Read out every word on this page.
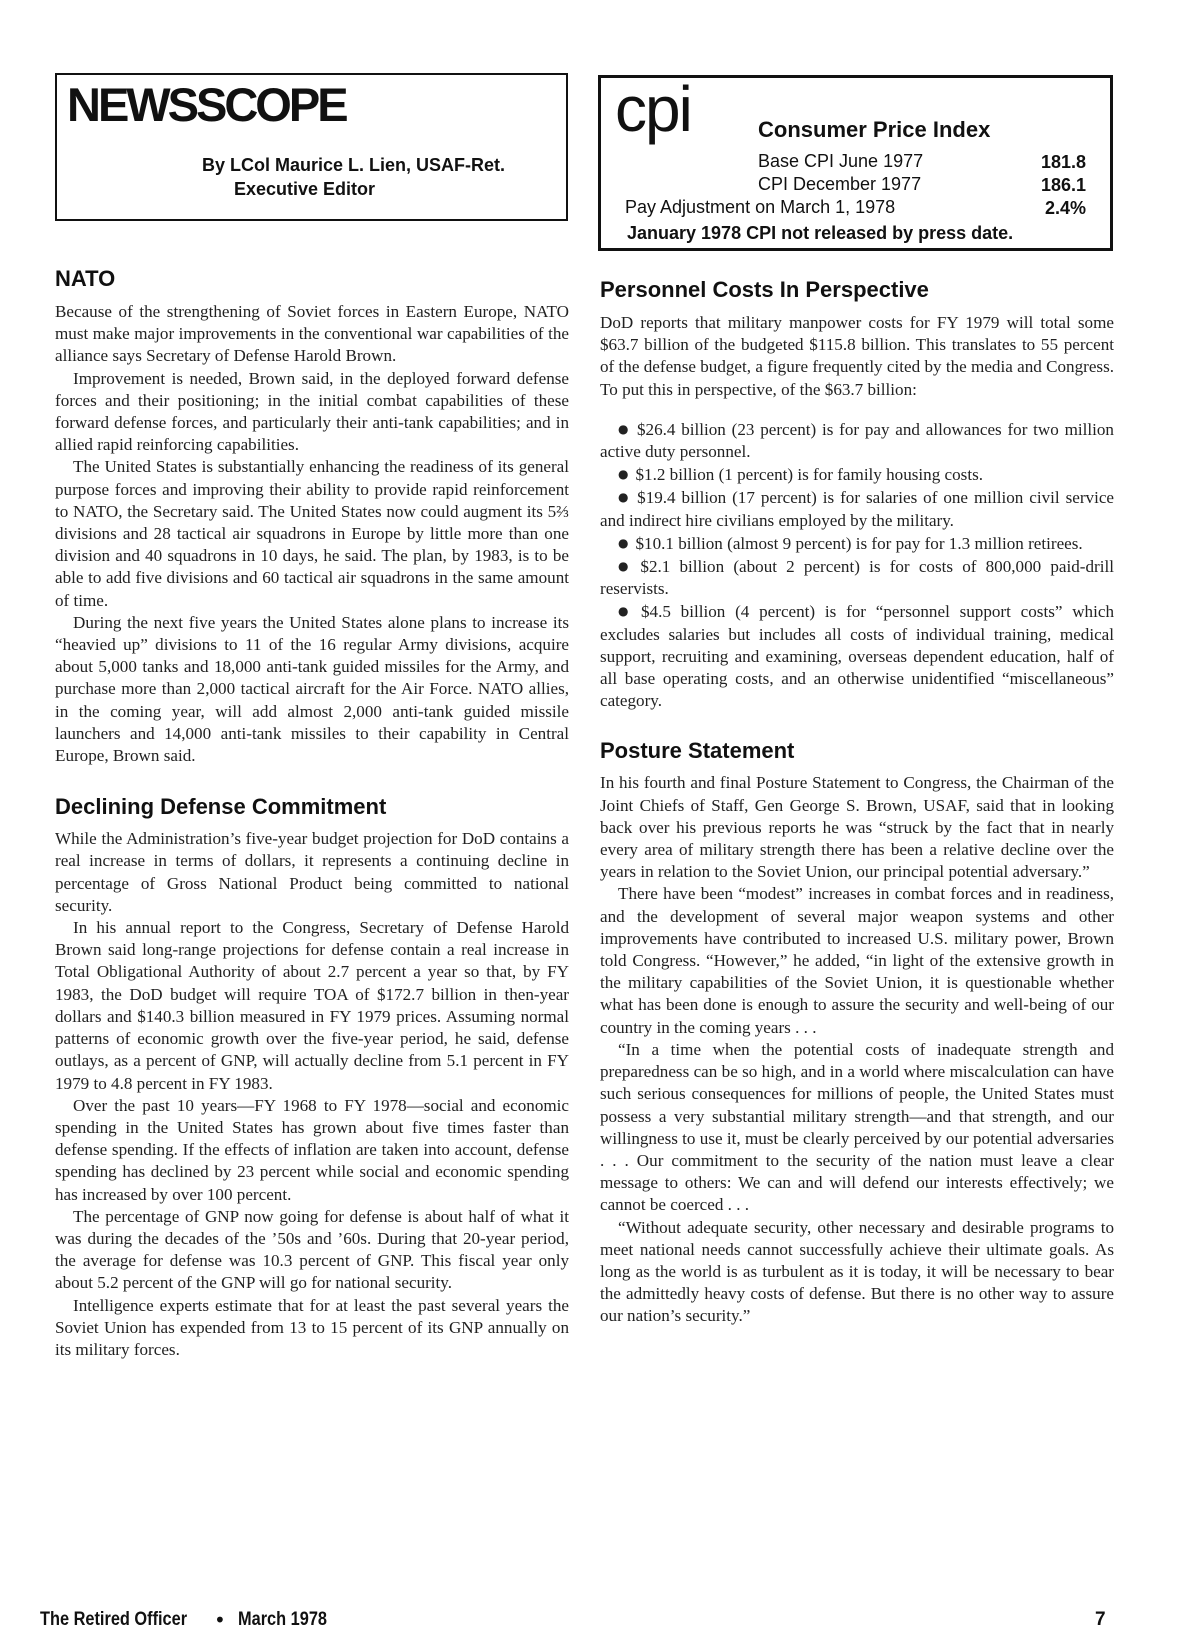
NEWSSCOPE
By LCol Maurice L. Lien, USAF-Ret.
Executive Editor
cpi	Consumer Price Index
Base CPI June 1977	181.8
CPI December 1977	186.1
Pay Adjustment on March 1, 1978	2.4%
January 1978 CPI not released by press date.
NATO

Because of the strengthening of Soviet forces in Eastern Europe, NATO must make major improvements in the conventional war capabilities of the alliance says Secretary of Defense Harold Brown.

Improvement is needed, Brown said, in the deployed forward defense forces and their positioning; in the initial combat capabilities of these forward defense forces, and particularly their anti-tank capabilities; and in allied rapid reinforcing capabilities.

The United States is substantially enhancing the readiness of its general purpose forces and improving their ability to provide rapid reinforcement to NATO, the Secretary said. The United States now could augment its 5⅔ divisions and 28 tactical air squadrons in Europe by little more than one division and 40 squadrons in 10 days, he said. The plan, by 1983, is to be able to add five divisions and 60 tactical air squadrons in the same amount of time.

During the next five years the United States alone plans to increase its “heavied up” divisions to 11 of the 16 regular Army divisions, acquire about 5,000 tanks and 18,000 anti-tank guided missiles for the Army, and purchase more than 2,000 tactical aircraft for the Air Force. NATO allies, in the coming year, will add almost 2,000 anti-tank guided missile launchers and 14,000 anti-tank missiles to their capability in Central Europe, Brown said.

Declining Defense Commitment

While the Administration’s five-year budget projection for DoD contains a real increase in terms of dollars, it represents a continuing decline in percentage of Gross National Product being committed to national security.

In his annual report to the Congress, Secretary of Defense Harold Brown said long-range projections for defense contain a real increase in Total Obligational Authority of about 2.7 percent a year so that, by FY 1983, the DoD budget will require TOA of $172.7 billion in then-year dollars and $140.3 billion measured in FY 1979 prices. Assuming normal patterns of economic growth over the five-year period, he said, defense outlays, as a percent of GNP, will actually decline from 5.1 percent in FY 1979 to 4.8 percent in FY 1983.

Over the past 10 years—FY 1968 to FY 1978—social and economic spending in the United States has grown about five times faster than defense spending. If the effects of inflation are taken into account, defense spending has declined by 23 percent while social and economic spending has increased by over 100 percent.

The percentage of GNP now going for defense is about half of what it was during the decades of the ’50s and ’60s. During that 20-year period, the average for defense was 10.3 percent of GNP. This fiscal year only about 5.2 percent of the GNP will go for national security.

Intelligence experts estimate that for at least the past several years the Soviet Union has expended from 13 to 15 percent of its GNP annually on its military forces.

Personnel Costs In Perspective

DoD reports that military manpower costs for FY 1979 will total some $63.7 billion of the budgeted $115.8 billion. This translates to 55 percent of the defense budget, a figure frequently cited by the media and Congress. To put this in perspective, of the $63.7 billion:

● $26.4 billion (23 percent) is for pay and allowances for two million active duty personnel.

● $1.2 billion (1 percent) is for family housing costs.

● $19.4 billion (17 percent) is for salaries of one million civil service and indirect hire civilians employed by the military.

● $10.1 billion (almost 9 percent) is for pay for 1.3 million retirees.

● $2.1 billion (about 2 percent) is for costs of 800,000 paid-drill reservists.

● $4.5 billion (4 percent) is for “personnel support costs” which excludes salaries but includes all costs of individual training, medical support, recruiting and examining, overseas dependent education, half of all base operating costs, and an otherwise unidentified “miscellaneous” category.

Posture Statement

In his fourth and final Posture Statement to Congress, the Chairman of the Joint Chiefs of Staff, Gen George S. Brown, USAF, said that in looking back over his previous reports he was “struck by the fact that in nearly every area of military strength there has been a relative decline over the years in relation to the Soviet Union, our principal potential adversary.”

There have been “modest” increases in combat forces and in readiness, and the development of several major weapon systems and other improvements have contributed to increased U.S. military power, Brown told Congress. “However,” he added, “in light of the extensive growth in the military capabilities of the Soviet Union, it is questionable whether what has been done is enough to assure the security and well-being of our country in the coming years . . .

“In a time when the potential costs of inadequate strength and preparedness can be so high, and in a world where miscalculation can have such serious consequences for millions of people, the United States must possess a very substantial military strength—and that strength, and our willingness to use it, must be clearly perceived by our potential adversaries . . . Our commitment to the security of the nation must leave a clear message to others: We can and will defend our interests effectively; we cannot be coerced . . .

“Without adequate security, other necessary and desirable programs to meet national needs cannot successfully achieve their ultimate goals. As long as the world is as turbulent as it is today, it will be necessary to bear the admittedly heavy costs of defense. But there is no other way to assure our nation’s security.”

The Retired Officer • March 1978	7
